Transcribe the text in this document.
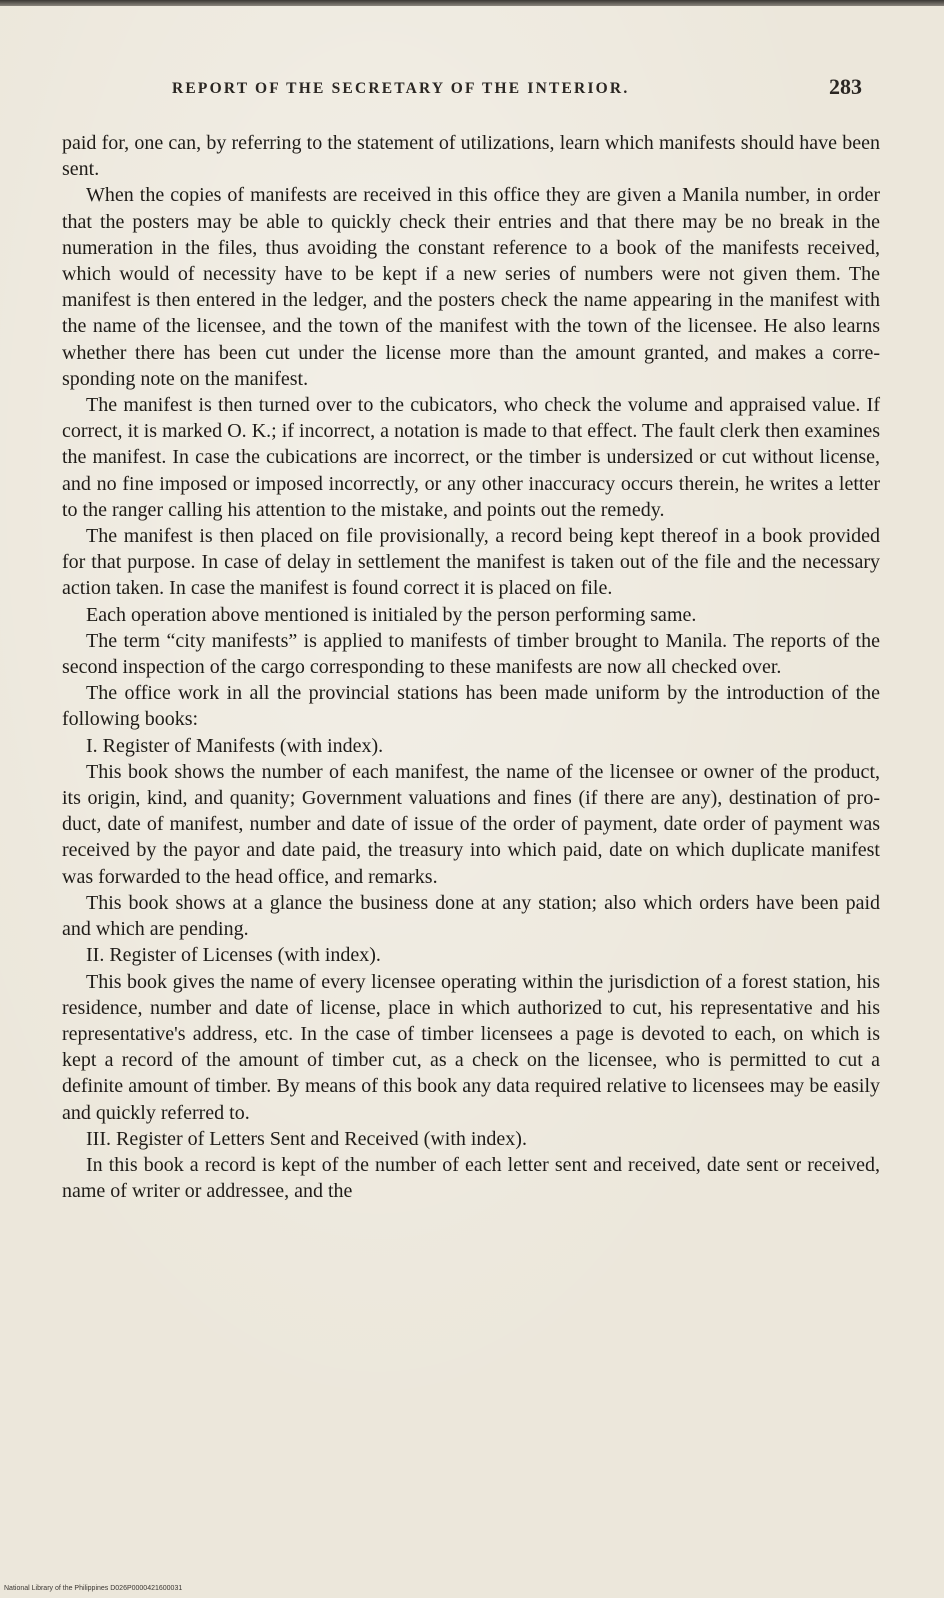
REPORT OF THE SECRETARY OF THE INTERIOR.	283

paid for, one can, by referring to the statement of utilizations, learn which manifests should have been sent.

When the copies of manifests are received in this office they are given a Manila number, in order that the posters may be able to quickly check their entries and that there may be no break in the numeration in the files, thus avoiding the constant reference to a book of the manifests received, which would of necessity have to be kept if a new series of numbers were not given them. The manifest is then entered in the ledger, and the posters check the name appearing in the manifest with the name of the licensee, and the town of the manifest with the town of the licensee. He also learns whether there has been cut under the license more than the amount granted, and makes a corresponding note on the manifest.

The manifest is then turned over to the cubicators, who check the volume and appraised value. If correct, it is marked O. K.; if incorrect, a notation is made to that effect. The fault clerk then examines the manifest. In case the cubications are incorrect, or the timber is undersized or cut without license, and no fine imposed or imposed incorrectly, or any other inaccuracy occurs therein, he writes a letter to the ranger calling his attention to the mistake, and points out the remedy.

The manifest is then placed on file provisionally, a record being kept thereof in a book provided for that purpose. In case of delay in settlement the manifest is taken out of the file and the necessary action taken. In case the manifest is found correct it is placed on file.

Each operation above mentioned is initialed by the person performing same.

The term “city manifests” is applied to manifests of timber brought to Manila. The reports of the second inspection of the cargo corresponding to these manifests are now all checked over.

The office work in all the provincial stations has been made uniform by the introduction of the following books:

I. Register of Manifests (with index).

This book shows the number of each manifest, the name of the licensee or owner of the product, its origin, kind, and quanity; Government valuations and fines (if there are any), destination of product, date of manifest, number and date of issue of the order of payment, date order of payment was received by the payor and date paid, the treasury into which paid, date on which duplicate manifest was forwarded to the head office, and remarks.

This book shows at a glance the business done at any station; also which orders have been paid and which are pending.

II. Register of Licenses (with index).

This book gives the name of every licensee operating within the jurisdiction of a forest station, his residence, number and date of license, place in which authorized to cut, his representative and his representative's address, etc. In the case of timber licensees a page is devoted to each, on which is kept a record of the amount of timber cut, as a check on the licensee, who is permitted to cut a definite amount of timber. By means of this book any data required relative to licensees may be easily and quickly referred to.

III. Register of Letters Sent and Received (with index).

In this book a record is kept of the number of each letter sent and received, date sent or received, name of writer or addressee, and the

National Library of the Philippines D026P0000421600031
